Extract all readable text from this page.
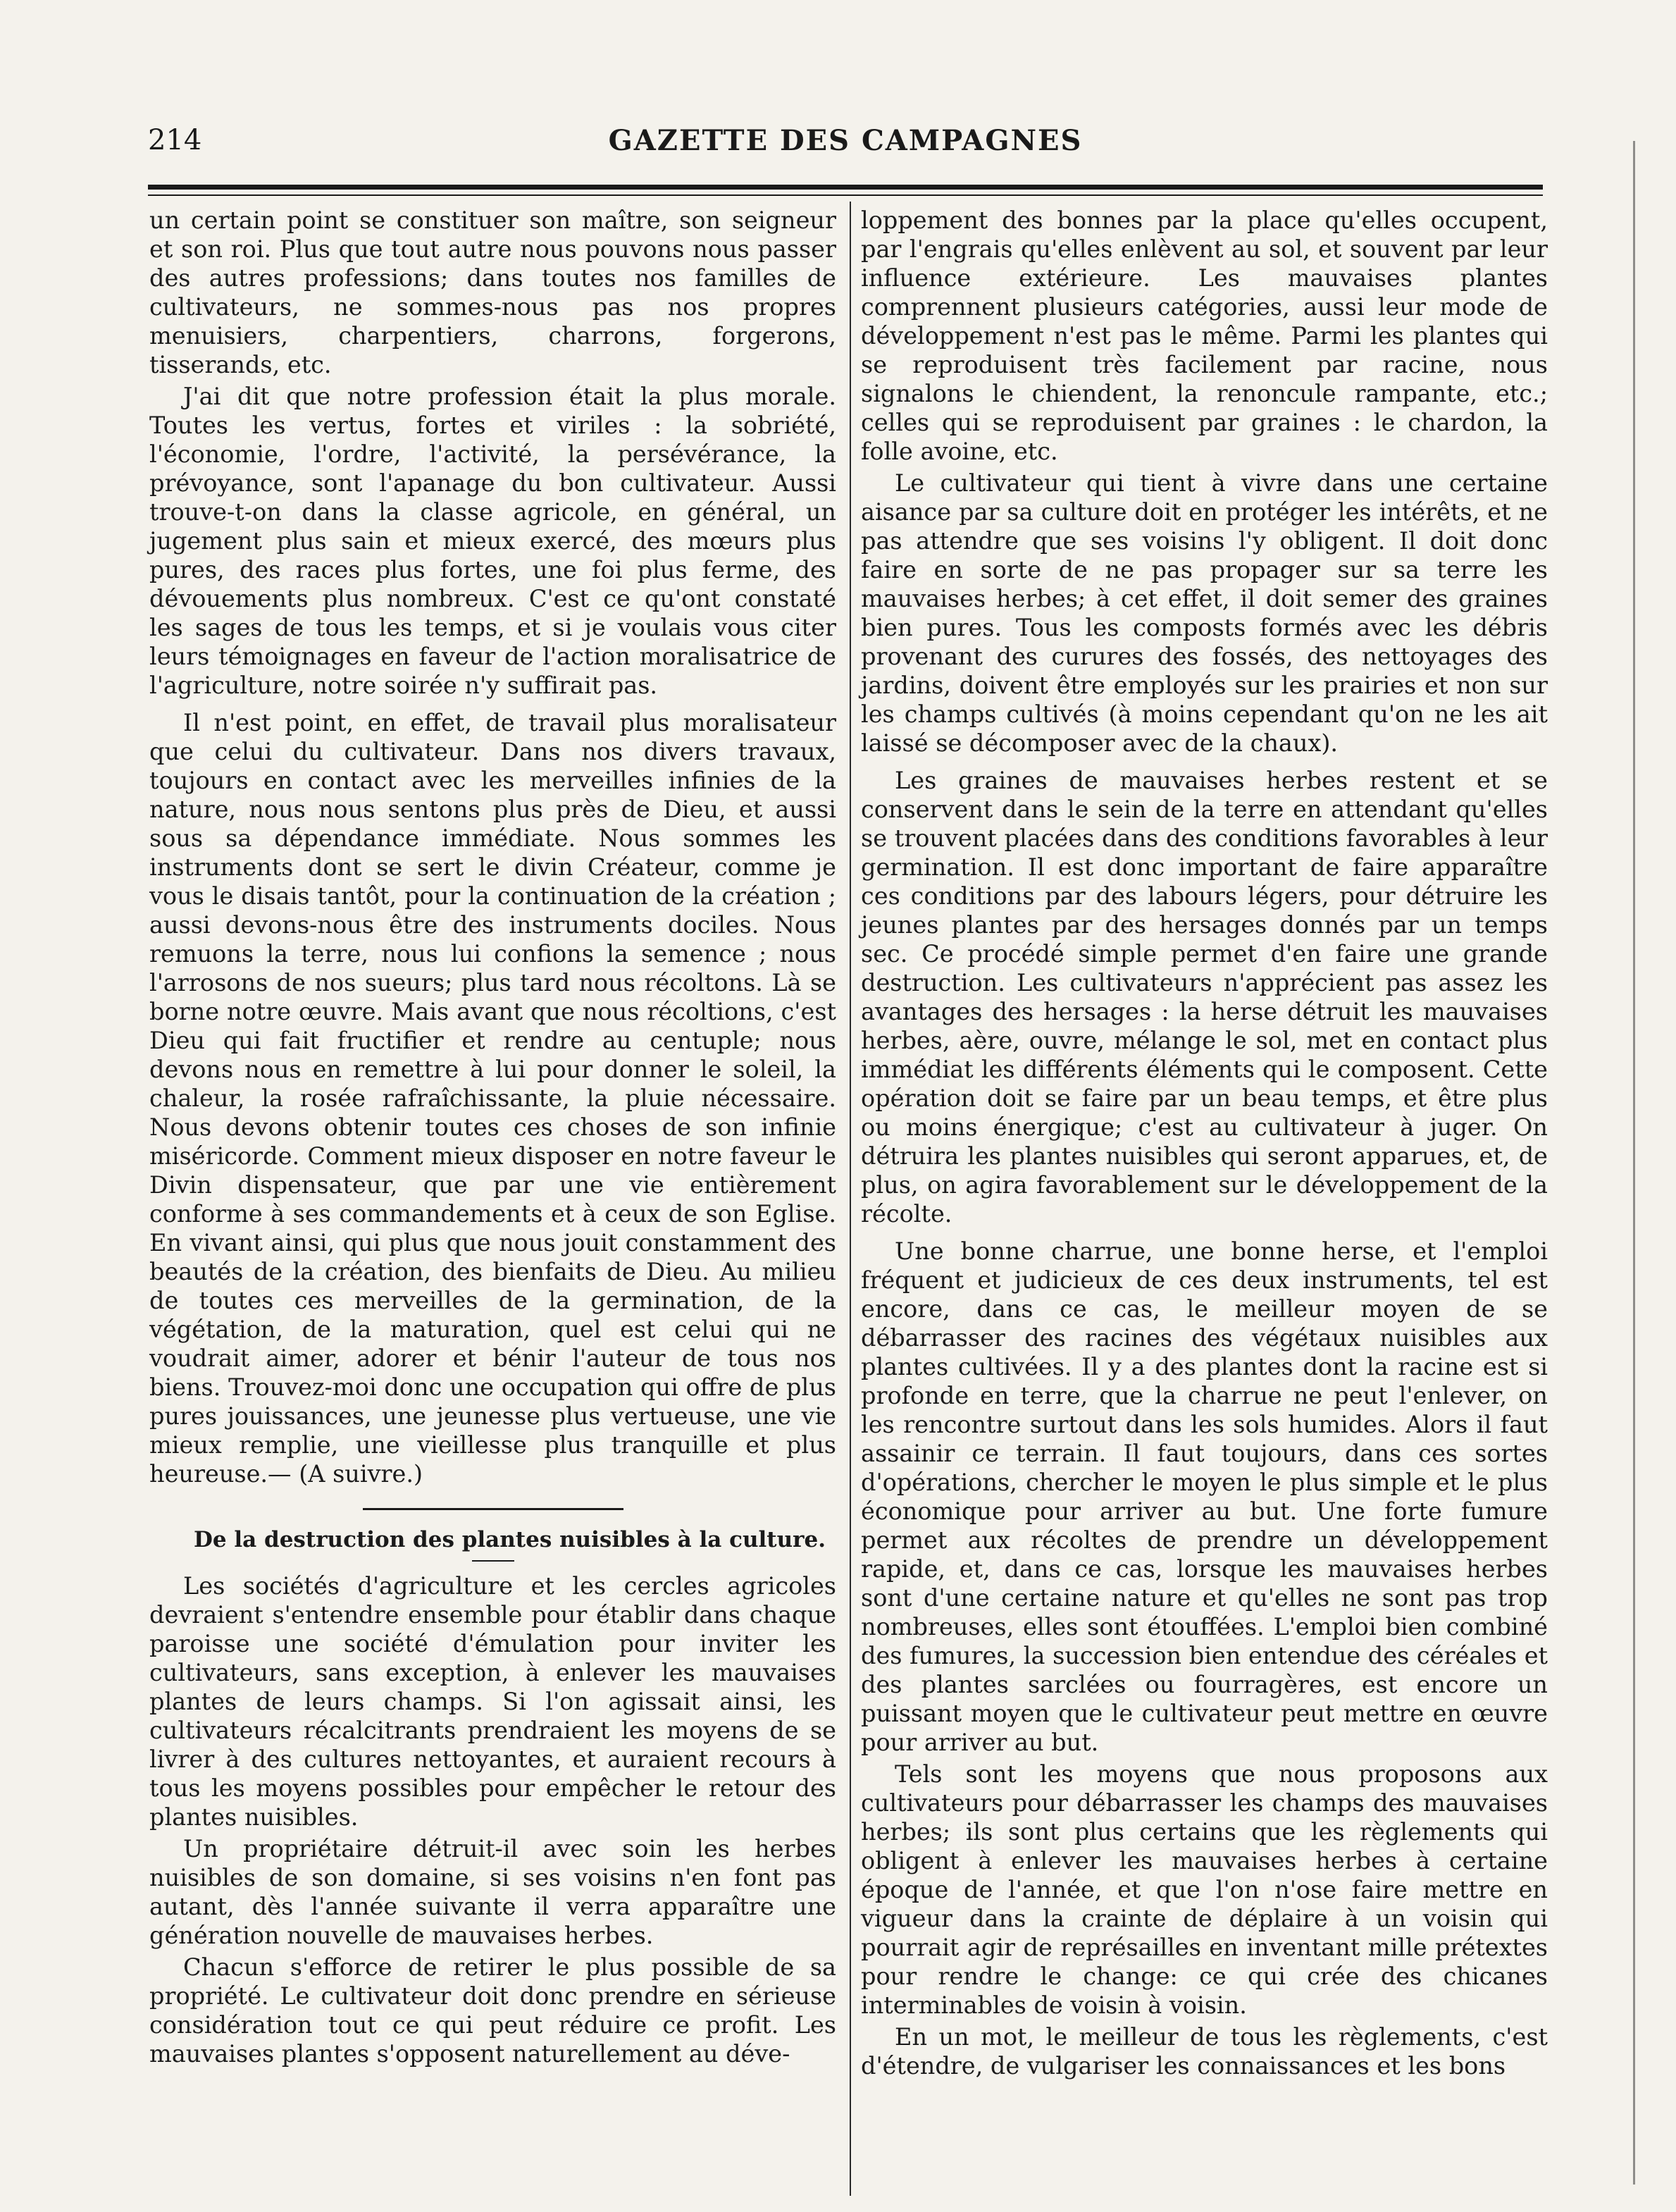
214	GAZETTE DES CAMPAGNES

un certain point se constituer son maître, son seigneur et son roi. Plus que tout autre nous pouvons nous passer des autres professions; dans toutes nos familles de cultivateurs, ne sommes-nous pas nos propres menuisiers, charpentiers, charrons, forgerons, tisserands, etc.

J'ai dit que notre profession était la plus morale. Toutes les vertus, fortes et viriles : la sobriété, l'économie, l'ordre, l'activité, la persévérance, la prévoyance, sont l'apanage du bon cultivateur. Aussi trouve-t-on dans la classe agricole, en général, un jugement plus sain et mieux exercé, des mœurs plus pures, des races plus fortes, une foi plus ferme, des dévouements plus nombreux. C'est ce qu'ont constaté les sages de tous les temps, et si je voulais vous citer leurs témoignages en faveur de l'action moralisatrice de l'agriculture, notre soirée n'y suffirait pas.

Il n'est point, en effet, de travail plus moralisateur que celui du cultivateur. Dans nos divers travaux, toujours en contact avec les merveilles infinies de la nature, nous nous sentons plus près de Dieu, et aussi sous sa dépendance immédiate. Nous sommes les instruments dont se sert le divin Créateur, comme je vous le disais tantôt, pour la continuation de la création ; aussi devons-nous être des instruments dociles. Nous remuons la terre, nous lui confions la semence ; nous l'arrosons de nos sueurs; plus tard nous récoltons. Là se borne notre œuvre. Mais avant que nous récoltions, c'est Dieu qui fait fructifier et rendre au centuple; nous devons nous en remettre à lui pour donner le soleil, la chaleur, la rosée rafraîchissante, la pluie nécessaire. Nous devons obtenir toutes ces choses de son infinie miséricorde. Comment mieux disposer en notre faveur le Divin dispensateur, que par une vie entièrement conforme à ses commandements et à ceux de son Eglise. En vivant ainsi, qui plus que nous jouit constamment des beautés de la création, des bienfaits de Dieu. Au milieu de toutes ces merveilles de la germination, de la végétation, de la maturation, quel est celui qui ne voudrait aimer, adorer et bénir l'auteur de tous nos biens. Trouvez-moi donc une occupation qui offre de plus pures jouissances, une jeunesse plus vertueuse, une vie mieux remplie, une vieillesse plus tranquille et plus heureuse.— (A suivre.)

De la destruction des plantes nuisibles à la culture.

Les sociétés d'agriculture et les cercles agricoles devraient s'entendre ensemble pour établir dans chaque paroisse une société d'émulation pour inviter les cultivateurs, sans exception, à enlever les mauvaises plantes de leurs champs. Si l'on agissait ainsi, les cultivateurs récalcitrants prendraient les moyens de se livrer à des cultures nettoyantes, et auraient recours à tous les moyens possibles pour empêcher le retour des plantes nuisibles.

Un propriétaire détruit-il avec soin les herbes nuisibles de son domaine, si ses voisins n'en font pas autant, dès l'année suivante il verra apparaître une génération nouvelle de mauvaises herbes.

Chacun s'efforce de retirer le plus possible de sa propriété. Le cultivateur doit donc prendre en sérieuse considération tout ce qui peut réduire ce profit. Les mauvaises plantes s'opposent naturellement au déve-

loppement des bonnes par la place qu'elles occupent, par l'engrais qu'elles enlèvent au sol, et souvent par leur influence extérieure. Les mauvaises plantes comprennent plusieurs catégories, aussi leur mode de développement n'est pas le même. Parmi les plantes qui se reproduisent très facilement par racine, nous signalons le chiendent, la renoncule rampante, etc.; celles qui se reproduisent par graines : le chardon, la folle avoine, etc.

Le cultivateur qui tient à vivre dans une certaine aisance par sa culture doit en protéger les intérêts, et ne pas attendre que ses voisins l'y obligent. Il doit donc faire en sorte de ne pas propager sur sa terre les mauvaises herbes; à cet effet, il doit semer des graines bien pures. Tous les composts formés avec les débris provenant des curures des fossés, des nettoyages des jardins, doivent être employés sur les prairies et non sur les champs cultivés (à moins cependant qu'on ne les ait laissé se décomposer avec de la chaux).

Les graines de mauvaises herbes restent et se conservent dans le sein de la terre en attendant qu'elles se trouvent placées dans des conditions favorables à leur germination. Il est donc important de faire apparaître ces conditions par des labours légers, pour détruire les jeunes plantes par des hersages donnés par un temps sec. Ce procédé simple permet d'en faire une grande destruction. Les cultivateurs n'apprécient pas assez les avantages des hersages : la herse détruit les mauvaises herbes, aère, ouvre, mélange le sol, met en contact plus immédiat les différents éléments qui le composent. Cette opération doit se faire par un beau temps, et être plus ou moins énergique; c'est au cultivateur à juger. On détruira les plantes nuisibles qui seront apparues, et, de plus, on agira favorablement sur le développement de la récolte.

Une bonne charrue, une bonne herse, et l'emploi fréquent et judicieux de ces deux instruments, tel est encore, dans ce cas, le meilleur moyen de se débarrasser des racines des végétaux nuisibles aux plantes cultivées. Il y a des plantes dont la racine est si profonde en terre, que la charrue ne peut l'enlever, on les rencontre surtout dans les sols humides. Alors il faut assainir ce terrain. Il faut toujours, dans ces sortes d'opérations, chercher le moyen le plus simple et le plus économique pour arriver au but. Une forte fumure permet aux récoltes de prendre un développement rapide, et, dans ce cas, lorsque les mauvaises herbes sont d'une certaine nature et qu'elles ne sont pas trop nombreuses, elles sont étouffées. L'emploi bien combiné des fumures, la succession bien entendue des céréales et des plantes sarclées ou fourragères, est encore un puissant moyen que le cultivateur peut mettre en œuvre pour arriver au but.

Tels sont les moyens que nous proposons aux cultivateurs pour débarrasser les champs des mauvaises herbes; ils sont plus certains que les règlements qui obligent à enlever les mauvaises herbes à certaine époque de l'année, et que l'on n'ose faire mettre en vigueur dans la crainte de déplaire à un voisin qui pourrait agir de représailles en inventant mille prétextes pour rendre le change: ce qui crée des chicanes interminables de voisin à voisin.

En un mot, le meilleur de tous les règlements, c'est d'étendre, de vulgariser les connaissances et les bons
